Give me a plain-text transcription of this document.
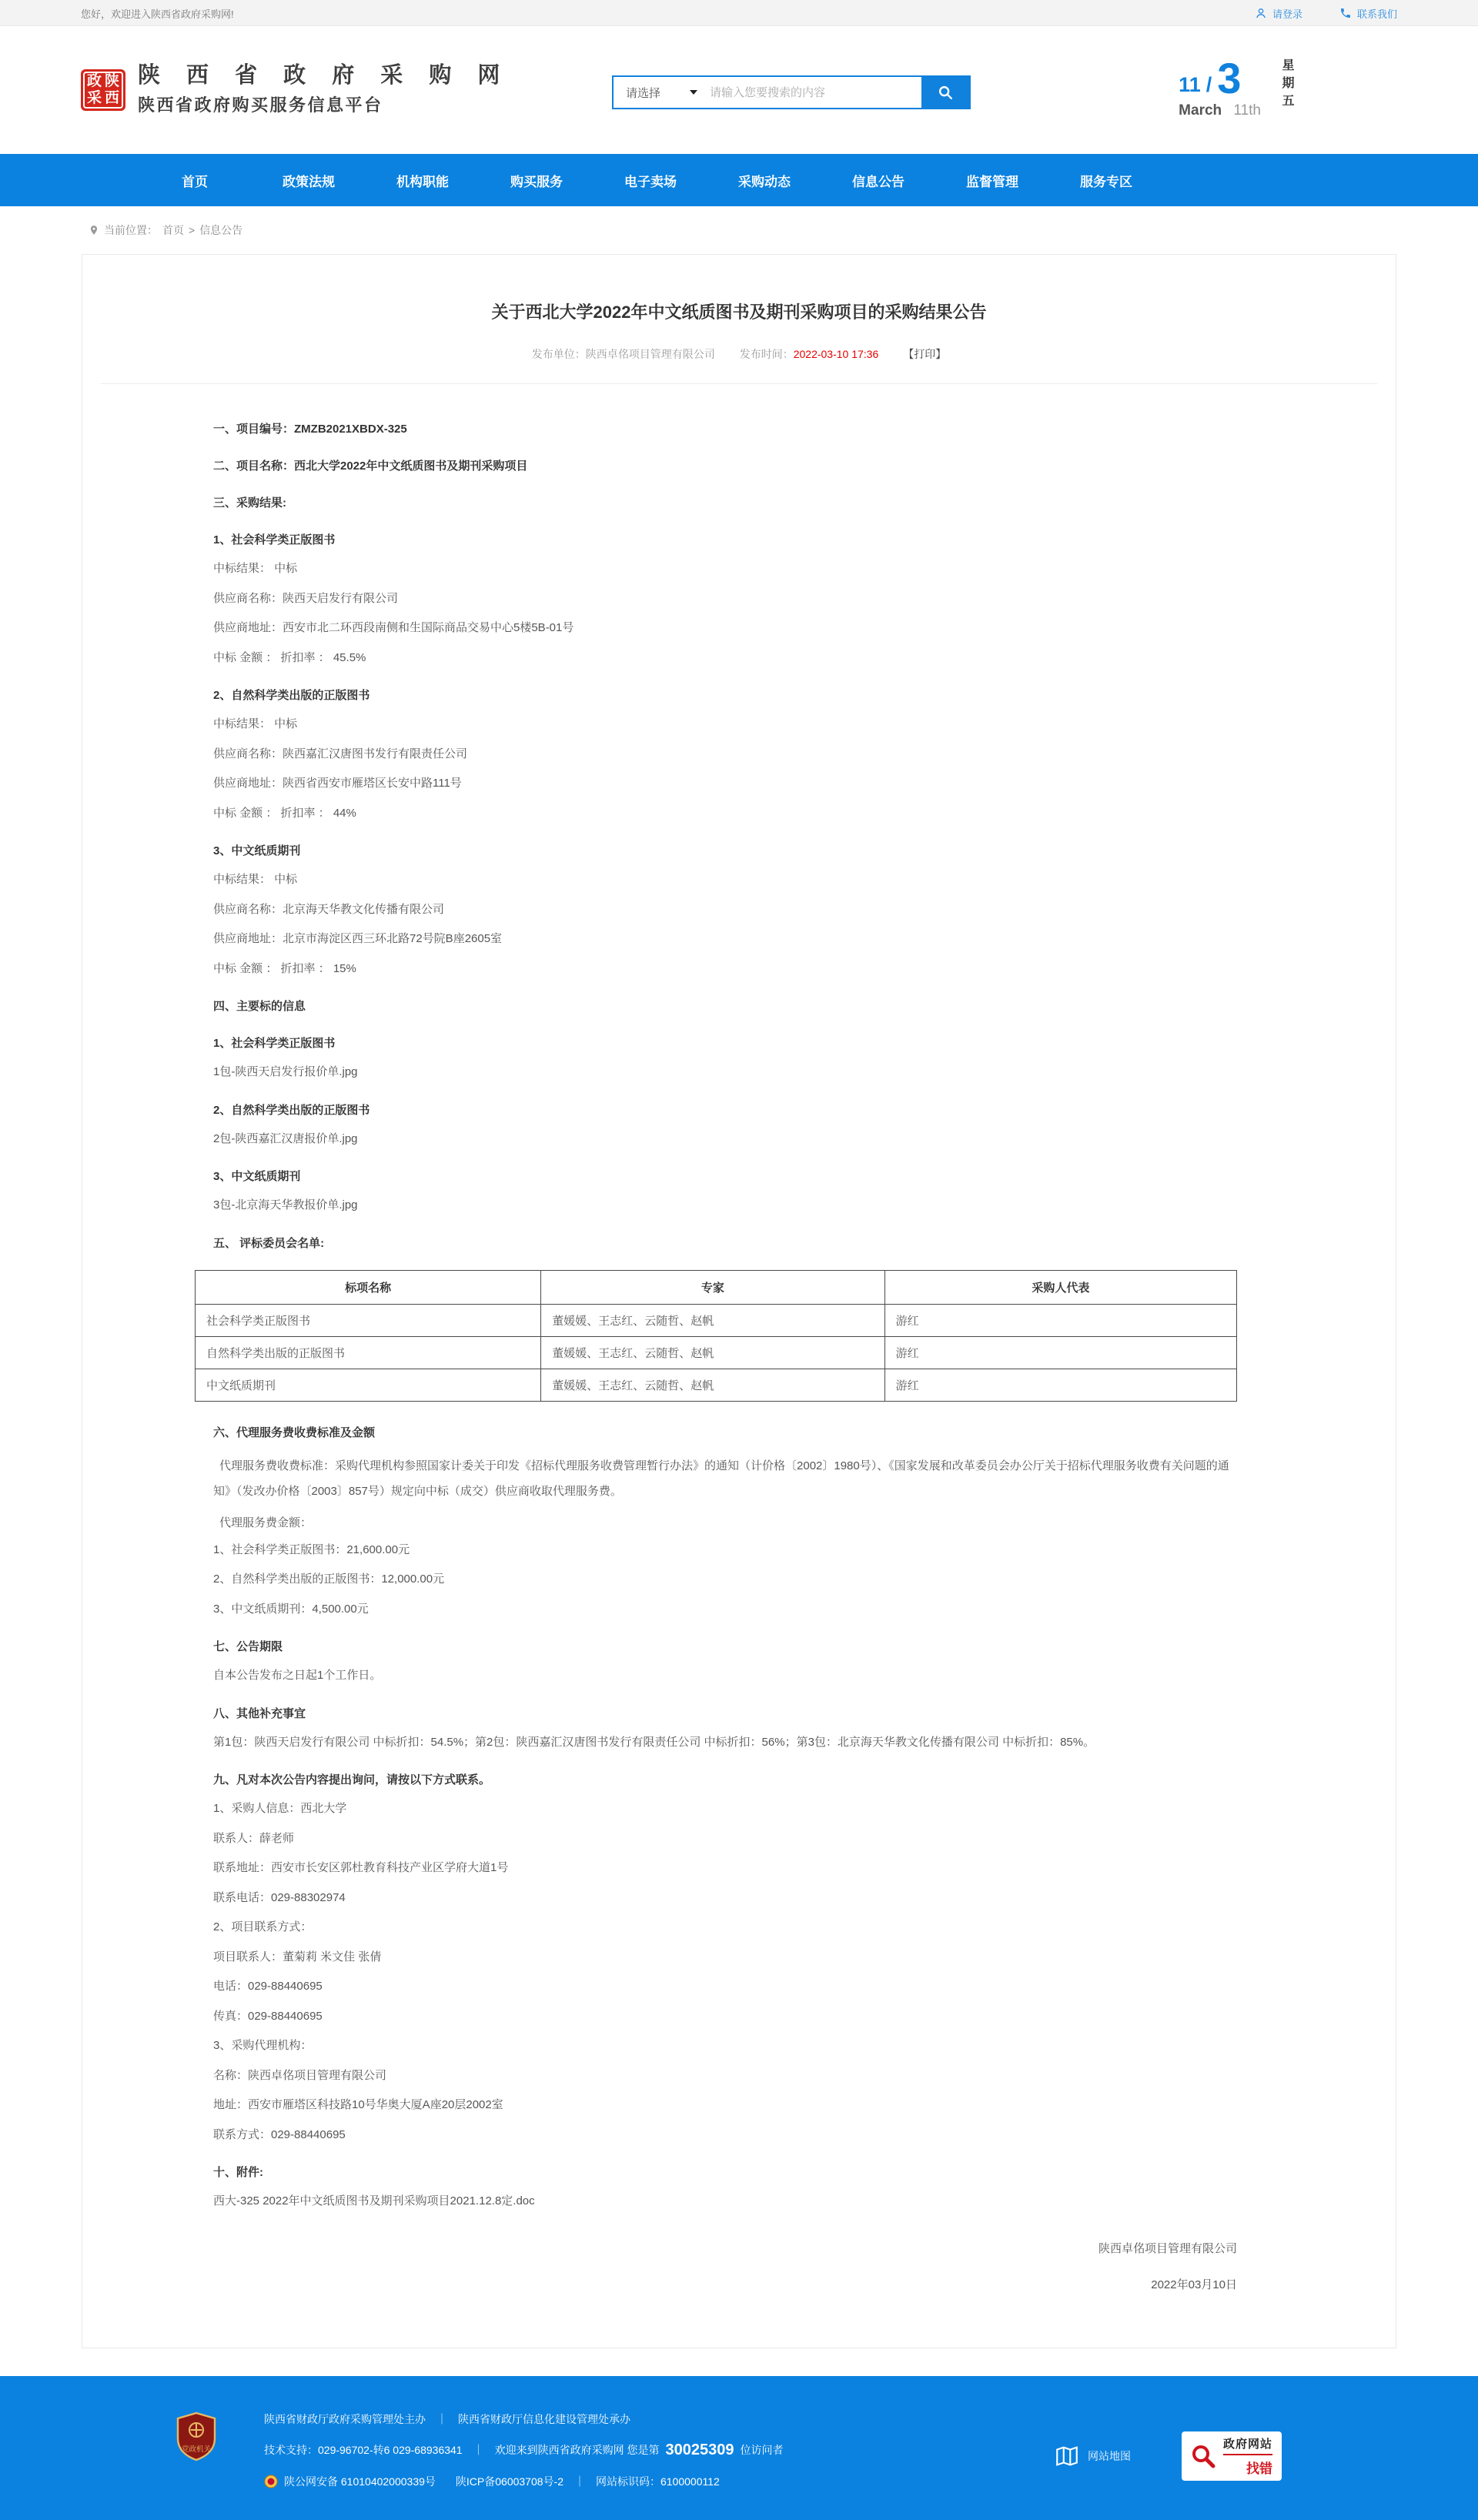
您好，欢迎进入陕西省政府采购网!	请登录	联系我们
政 陕
采 西
陕 西 省 政 府 采 购 网
陕西省政府购买服务信息平台
请选择
请输入您要搜索的内容	11 / 3
March 11th 星期五
首页	政策法规	机构职能	购买服务	电子卖场	采购动态	信息公告	监督管理	服务专区
当前位置： 首页 > 信息公告
关于西北大学2022年中文纸质图书及期刊采购项目的采购结果公告
发布单位：陕西卓佲项目管理有限公司 发布时间：2022-03-10 17:36 【打印】

一、项目编号：ZMZB2021XBDX-325

二、项目名称：西北大学2022年中文纸质图书及期刊采购项目

三、采购结果:

1、社会科学类正版图书

中标结果： 中标

供应商名称：陕西天启发行有限公司

供应商地址：西安市北二环西段南侧和生国际商品交易中心5楼5B-01号

中标 金额 ： 折扣率 ： 45.5%

2、自然科学类出版的正版图书

中标结果： 中标

供应商名称：陕西嘉汇汉唐图书发行有限责任公司

供应商地址：陕西省西安市雁塔区长安中路111号

中标 金额 ： 折扣率 ： 44%

3、中文纸质期刊

中标结果： 中标

供应商名称：北京海天华教文化传播有限公司

供应商地址：北京市海淀区西三环北路72号院B座2605室

中标 金额 ： 折扣率 ： 15%

四、主要标的信息

1、社会科学类正版图书

1包-陕西天启发行报价单.jpg

2、自然科学类出版的正版图书

2包-陕西嘉汇汉唐报价单.jpg

3、中文纸质期刊

3包-北京海天华教报价单.jpg

五、 评标委员会名单:

标项名称	专家	采购人代表
社会科学类正版图书	董媛媛、王志红、云随哲、赵帆	游红
自然科学类出版的正版图书	董媛媛、王志红、云随哲、赵帆	游红
中文纸质期刊	董媛媛、王志红、云随哲、赵帆	游红

六、代理服务费收费标准及金额

代理服务费收费标准：采购代理机构参照国家计委关于印发《招标代理服务收费管理暂行办法》的通知（计价格〔2002〕1980号）、《国家发展和改革委员会办公厅关于招标代理服务收费有关问题的通知》（发改办价格〔2003〕857号）规定向中标（成交）供应商收取代理服务费。

代理服务费金额：

1、社会科学类正版图书：21,600.00元

2、自然科学类出版的正版图书：12,000.00元

3、中文纸质期刊：4,500.00元

七、公告期限

自本公告发布之日起1个工作日。

八、其他补充事宜

第1包：陕西天启发行有限公司 中标折扣：54.5%；第2包：陕西嘉汇汉唐图书发行有限责任公司 中标折扣：56%；第3包：北京海天华教文化传播有限公司 中标折扣：85%。

九、凡对本次公告内容提出询问，请按以下方式联系。

1、采购人信息：西北大学

联系人：薛老师

联系地址：西安市长安区郭杜教育科技产业区学府大道1号

联系电话：029-88302974

2、项目联系方式：

项目联系人：董菊莉 米文佳 张倩

电话：029-88440695

传真：029-88440695

3、采购代理机构：

名称：陕西卓佲项目管理有限公司

地址：西安市雁塔区科技路10号华奥大厦A座20层2002室

联系方式：029-88440695

十、附件:

西大-325 2022年中文纸质图书及期刊采购项目2021.12.8定.doc

陕西卓佲项目管理有限公司
2022年03月10日
党政机关
陕西省财政厅政府采购管理处主办 ｜ 陕西省财政厅信息化建设管理处承办
技术支持：029-96702-转6 029-68936341 ｜ 欢迎来到陕西省政府采购网 您是第 30025309 位访问者
陕公网安备 61010402000339号 陕ICP备06003708号-2 ｜ 网站标识码：6100000112
网站地图
政府网站
找错
